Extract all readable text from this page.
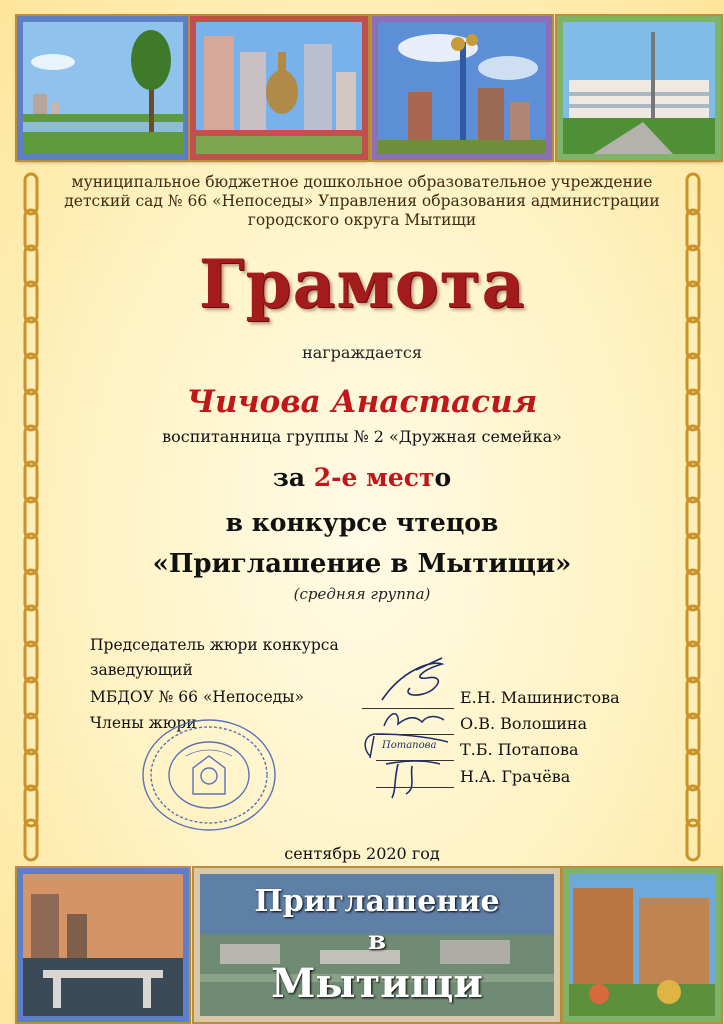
муниципальное бюджетное дошкольное образовательное учреждение детский сад № 66 «Непоседы» Управления образования администрации городского округа Мытищи
Грамота
награждается
Чичова Анастасия
воспитанница группы № 2 «Дружная семейка»
за 2-е место
в конкурсе чтецов
«Приглашение в Мытищи»
(средняя группа)
Председатель жюри конкурса
заведующий
МБДОУ № 66 «Непоседы»
Члены жюри
Е.Н. Машинистова
О.В. Волошина
Т.Б. Потапова
Н.А. Грачёва
Потапова
сентябрь 2020 год
Приглашение
в
Мытищи
